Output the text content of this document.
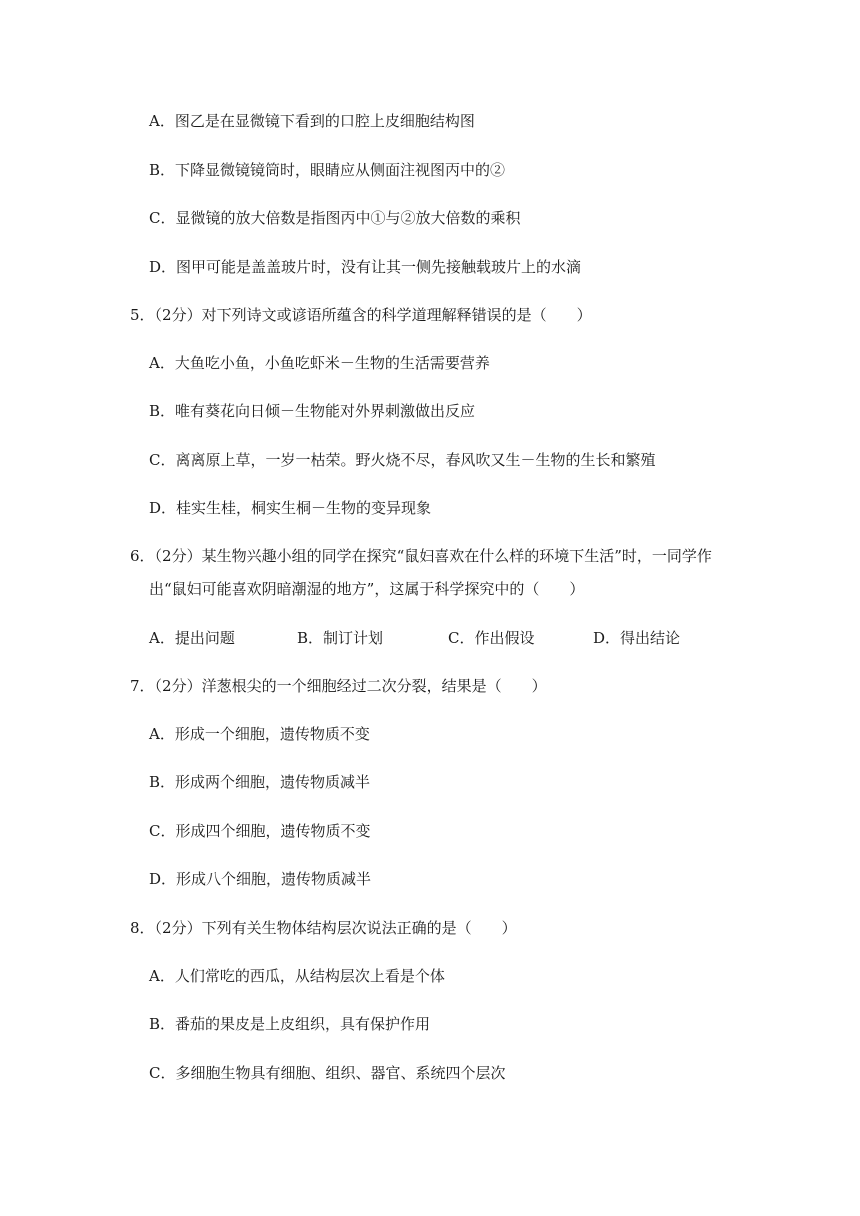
A．图乙是在显微镜下看到的口腔上皮细胞结构图
B．下降显微镜镜筒时，眼睛应从侧面注视图丙中的②
C．显微镜的放大倍数是指图丙中①与②放大倍数的乘积
D．图甲可能是盖盖玻片时，没有让其一侧先接触载玻片上的水滴
5．（2分）对下列诗文或谚语所蕴含的科学道理解释错误的是（　　）
A．大鱼吃小鱼，小鱼吃虾米－生物的生活需要营养
B．唯有葵花向日倾－生物能对外界刺激做出反应
C．离离原上草，一岁一枯荣。野火烧不尽，春风吹又生－生物的生长和繁殖
D．桂实生桂，桐实生桐－生物的变异现象
6．（2分）某生物兴趣小组的同学在探究“鼠妇喜欢在什么样的环境下生活”时，一同学作
出“鼠妇可能喜欢阴暗潮湿的地方”，这属于科学探究中的（　　）
A．提出问题	B．制订计划	C．作出假设	D．得出结论
7．（2分）洋葱根尖的一个细胞经过二次分裂，结果是（　　）
A．形成一个细胞，遗传物质不变
B．形成两个细胞，遗传物质减半
C．形成四个细胞，遗传物质不变
D．形成八个细胞，遗传物质减半
8．（2分）下列有关生物体结构层次说法正确的是（　　）
A．人们常吃的西瓜，从结构层次上看是个体
B．番茄的果皮是上皮组织，具有保护作用
C．多细胞生物具有细胞、组织、器官、系统四个层次
